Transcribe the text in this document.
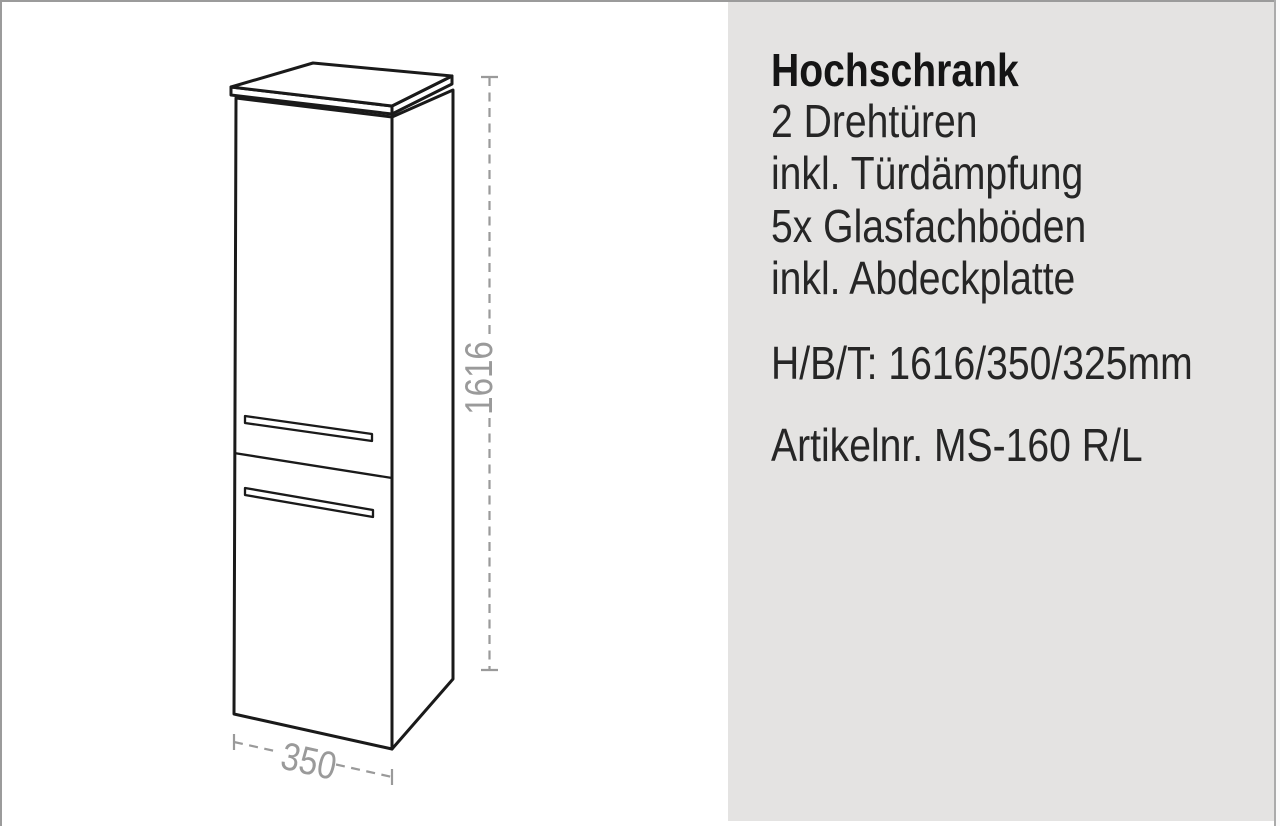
1616
350
Hochschrank
2 Drehtüren
inkl. Türdämpfung
5x Glasfachböden
inkl. Abdeckplatte
H/B/T: 1616/350/325mm
Artikelnr. MS-160 R/L
